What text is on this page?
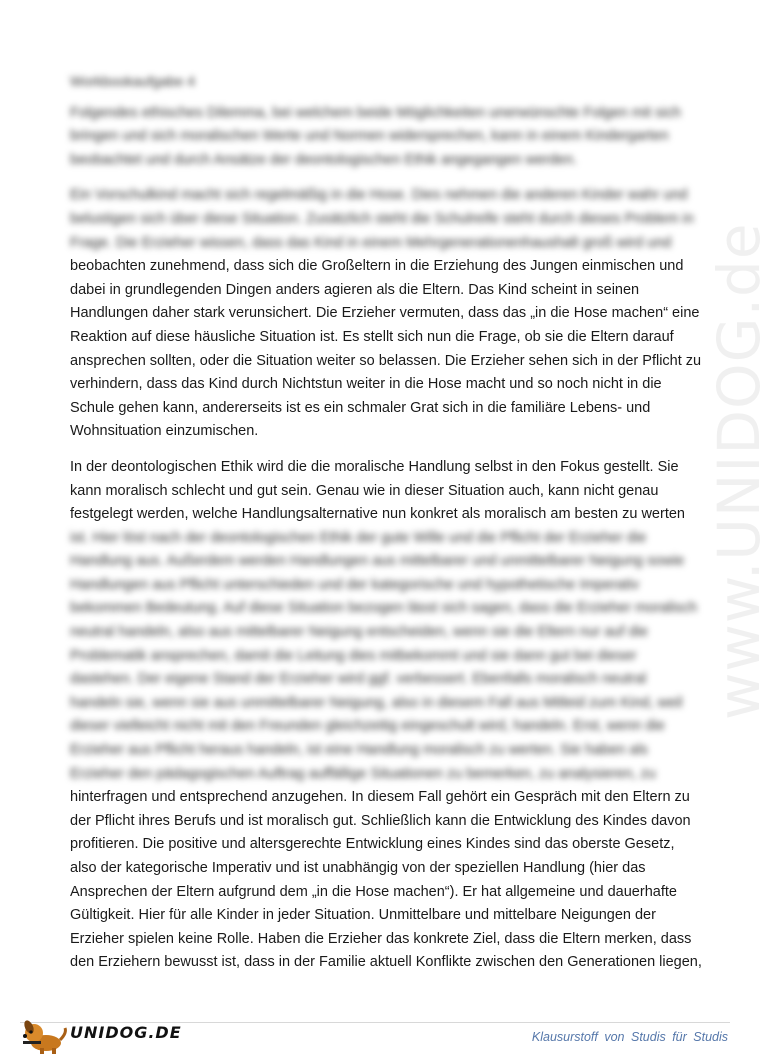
www.UNIDOG.de
Workbookaufgabe 4
Folgendes ethisches Dilemma, bei welchem beide Möglichkeiten unerwünschte Folgen mit sich
bringen und sich moralischen Werte und Normen widersprechen, kann in einem Kindergarten
beobachtet und durch Ansätze der deontologischen Ethik angegangen werden.
Ein Vorschulkind macht sich regelmäßig in die Hose. Dies nehmen die anderen Kinder wahr und
belustigen sich über diese Situation. Zusätzlich steht die Schulreife steht durch dieses Problem in
Frage. Die Erzieher wissen, dass das Kind in einem Mehrgenerationenhaushalt groß wird und
beobachten zunehmend, dass sich die Großeltern in die Erziehung des Jungen einmischen und
dabei in grundlegenden Dingen anders agieren als die Eltern. Das Kind scheint in seinen
Handlungen daher stark verunsichert. Die Erzieher vermuten, dass das „in die Hose machen“ eine
Reaktion auf diese häusliche Situation ist. Es stellt sich nun die Frage, ob sie die Eltern darauf
ansprechen sollten, oder die Situation weiter so belassen. Die Erzieher sehen sich in der Pflicht zu
verhindern, dass das Kind durch Nichtstun weiter in die Hose macht und so noch nicht in die
Schule gehen kann, andererseits ist es ein schmaler Grat sich in die familiäre Lebens- und
Wohnsituation einzumischen.
In der deontologischen Ethik wird die die moralische Handlung selbst in den Fokus gestellt. Sie
kann moralisch schlecht und gut sein. Genau wie in dieser Situation auch, kann nicht genau
festgelegt werden, welche Handlungsalternative nun konkret als moralisch am besten zu werten
ist. Hier löst nach der deontologischen Ethik der gute Wille und die Pflicht der Erzieher die
Handlung aus. Außerdem werden Handlungen aus mittelbarer und unmittelbarer Neigung sowie
Handlungen aus Pflicht unterschieden und der kategorische und hypothetische Imperativ
bekommen Bedeutung. Auf diese Situation bezogen lässt sich sagen, dass die Erzieher moralisch
neutral handeln, also aus mittelbarer Neigung entscheiden, wenn sie die Eltern nur auf die
Problematik ansprechen, damit die Leitung dies mitbekommt und sie dann gut bei dieser
dastehen. Der eigene Stand der Erzieher wird ggf. verbessert. Ebenfalls moralisch neutral
handeln sie, wenn sie aus unmittelbarer Neigung, also in diesem Fall aus Mitleid zum Kind, weil
dieser vielleicht nicht mit den Freunden gleichzeitig eingeschult wird, handeln. Erst, wenn die
Erzieher aus Pflicht heraus handeln, ist eine Handlung moralisch zu werten. Sie haben als
Erzieher den pädagogischen Auftrag auffällige Situationen zu bemerken, zu analysieren, zu
hinterfragen und entsprechend anzugehen. In diesem Fall gehört ein Gespräch mit den Eltern zu
der Pflicht ihres Berufs und ist moralisch gut. Schließlich kann die Entwicklung des Kindes davon
profitieren. Die positive und altersgerechte Entwicklung eines Kindes sind das oberste Gesetz,
also der kategorische Imperativ und ist unabhängig von der speziellen Handlung (hier das
Ansprechen der Eltern aufgrund dem „in die Hose machen“). Er hat allgemeine und dauerhafte
Gültigkeit. Hier für alle Kinder in jeder Situation. Unmittelbare und mittelbare Neigungen der
Erzieher spielen keine Rolle. Haben die Erzieher das konkrete Ziel, dass die Eltern merken, dass
den Erziehern bewusst ist, dass in der Familie aktuell Konflikte zwischen den Generationen liegen,
UNIDOG.DE	Klausurstoff von Studis für Studis
